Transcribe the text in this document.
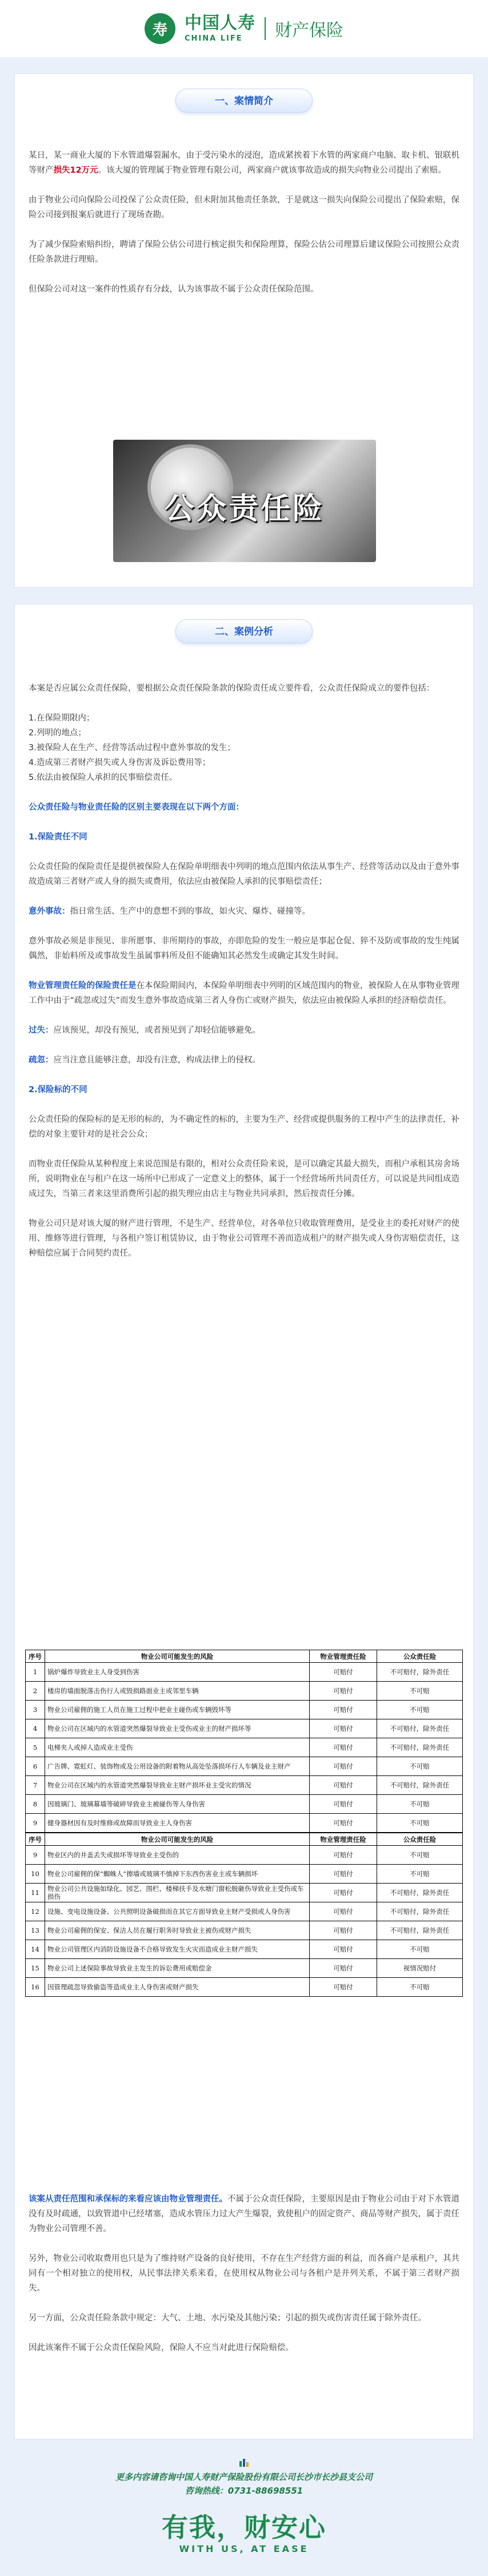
寿	中国人寿
CHINA LIFE	财产保险
一、案情简介

某日，某一商业大厦的下水管道爆裂漏水，由于受污染水的浸泡，造成紧挨着下水管的两家商户电脑、取卡机、银联机等财产损失12万元。该大厦的管理属于物业管理有限公司，两家商户就该事故造成的损失向物业公司提出了索赔。

由于物业公司向保险公司投保了公众责任险，但未附加其他责任条款，于是就这一损失向保险公司提出了保险索赔，保险公司接到报案后就进行了现场查勘。

为了减少保险索赔纠纷，聘请了保险公估公司进行核定损失和保险理算，保险公估公司理算后建议保险公司按照公众责任险条款进行理赔。

但保险公司对这一案件的性质存有分歧，认为该事故不属于公众责任保险范围。

公众责任险
二、案例分析

本案是否应属公众责任保险，要根据公众责任保险条款的保险责任成立要件看，公众责任保险成立的要件包括：

1.在保险期限内；

2.列明的地点；

3.被保险人在生产、经营等活动过程中意外事故的发生；

4.造成第三者财产损失或人身伤害及诉讼费用等；

5.依法由被保险人承担的民事赔偿责任。

公众责任险与物业责任险的区别主要表现在以下两个方面：

1.保险责任不同

公众责任险的保险责任是提供被保险人在保险单明细表中列明的地点范围内依法从事生产、经营等活动以及由于意外事故造成第三者财产或人身的损失或费用，依法应由被保险人承担的民事赔偿责任；

意外事故：指日常生活、生产中的意想不到的事故，如火灾、爆炸、碰撞等。

意外事故必须是非预见、非所愿事、非所期待的事故，亦即危险的发生一般应是事起仓促、猝不及防或事故的发生纯属偶然，非始料所及或事故发生虽属事料所及但不能确知其必然发生或确定其发生时间。

物业管理责任险的保险责任是在本保险期间内，本保险单明细表中列明的区域范围内的物业，被保险人在从事物业管理工作中由于“疏忽或过失”而发生意外事故造成第三者人身伤亡或财产损失，依法应由被保险人承担的经济赔偿责任。

过失：应该预见，却没有预见，或者预见到了却轻信能够避免。

疏忽：应当注意且能够注意，却没有注意，构成法律上的侵权。

2.保险标的不同

公众责任险的保险标的是无形的标的，为不确定性的标的，主要为生产、经营或提供服务的工程中产生的法律责任，补偿的对象主要针对的是社会公众；

而物业责任保险从某种程度上来说范围是有限的，相对公众责任险来说，是可以确定其最大损失，而租户承租其房舍场所，说明物业在与租户在这一场所中已形成了一定意义上的整体，属于一个经营场所共同责任方，可以说是共同组成造成过失，当第三者来这里消费所引起的损失理应由店主与物业共同承担，然后按责任分摊。

物业公司只是对该大厦的财产进行管理，不是生产、经营单位，对各单位只收取管理费用，是受业主的委托对财产的使用、维修等进行管理，与各租户签订租赁协议，由于物业公司管理不善而造成租户的财产损失或人身伤害赔偿责任，这种赔偿应属于合同契约责任。

序号	物业公司可能发生的风险	物业管理责任险	公众责任险
1	锅炉爆炸导致业主人身受到伤害	可赔付	不可赔付，除外责任
2	楼房的墙面脱落击伤行人或毁损路面业主或邻里车辆	可赔付	不可赔
3	物业公司雇佣的施工人员在施工过程中把业主碰伤或车辆毁坏等	可赔付	不可赔
4	物业公司在区域内的水管道突然爆裂导致业主受伤或业主的财产损坏等	可赔付	不可赔付，除外责任
5	电梯夹人或掉人造成业主受伤	可赔付	不可赔付，除外责任
6	广告牌、霓虹灯、装饰物或及公用设备的附着物从高处坠落损坏行人车辆及业主财产	可赔付	不可赔
7	物业公司在区域内的水管道突然爆裂导致业主财产损坏业主受灾的情况	可赔付	不可赔付，除外责任
8	因玻璃门、玻璃幕墙等破碎导致业主被碰伤等人身伤害	可赔付	不可赔
9	健身器材因有及时维修或故障而导致业主人身伤害	可赔付	不可赔
序号	物业公司可能发生的风险	物业管理责任险	公众责任险
9	物业区内的井盖丢失或损坏等导致业主受伤的	可赔付	不可赔
10	物业公司雇佣的保“蜘蛛人”擦墙或玻璃不慎掉下东西伤害业主或车辆损坏	可赔付	不可赔
11	物业公司公共设施如绿化、园艺、围栏、楼梯扶手及水塘门窗松脱砸伤导致业主受伤或车损伤	可赔付	不可赔付，除外责任
12	设施、变电设施设备、公共照明设备破损而在其它方面导致业主财产受损或人身伤害	可赔付	不可赔付，除外责任
13	物业公司雇佣的保安、保洁人员在履行职务时导致业主被伤或财产损失	可赔付	不可赔付，除外责任
14	物业公司管理区内消防设施设备不合格导致发生火灾而造成业主财产损失	可赔付	不可赔
15	物业公司上述保险事故导致业主发生的诉讼费用或赔偿金	可赔付	视情况赔付
16	因管理疏忽导致偷盗等造成业主人身伤害或财产损失	可赔付	不可赔

该案从责任范围和承保标的来看应该由物业管理责任。不属于公众责任保险，主要原因是由于物业公司由于对下水管道没有及时疏通，以致管道中已经堵塞，造成水管压力过大产生爆裂，致使租户的固定资产、商品等财产损失，属于责任为物业公司管理不善。

另外，物业公司收取费用也只是为了维持财产设备的良好使用，不存在生产经营方面的利益，而各商户是承租户，其共同有一个相对独立的使用权，从民事法律关系来看，在使用权从物业公司与各租户是并列关系，不属于第三者财产损失。

另一方面，公众责任险条款中规定：大气、土地、水污染及其他污染；引起的损失或伤害责任属于除外责任。

因此该案件不属于公众责任保险风险，保险人不应当对此进行保险赔偿。

更多内容请咨询中国人寿财产保险股份有限公司长沙市长沙县支公司
咨询热线：0731-88698551
有我，财安心
WITH US, AT EASE
